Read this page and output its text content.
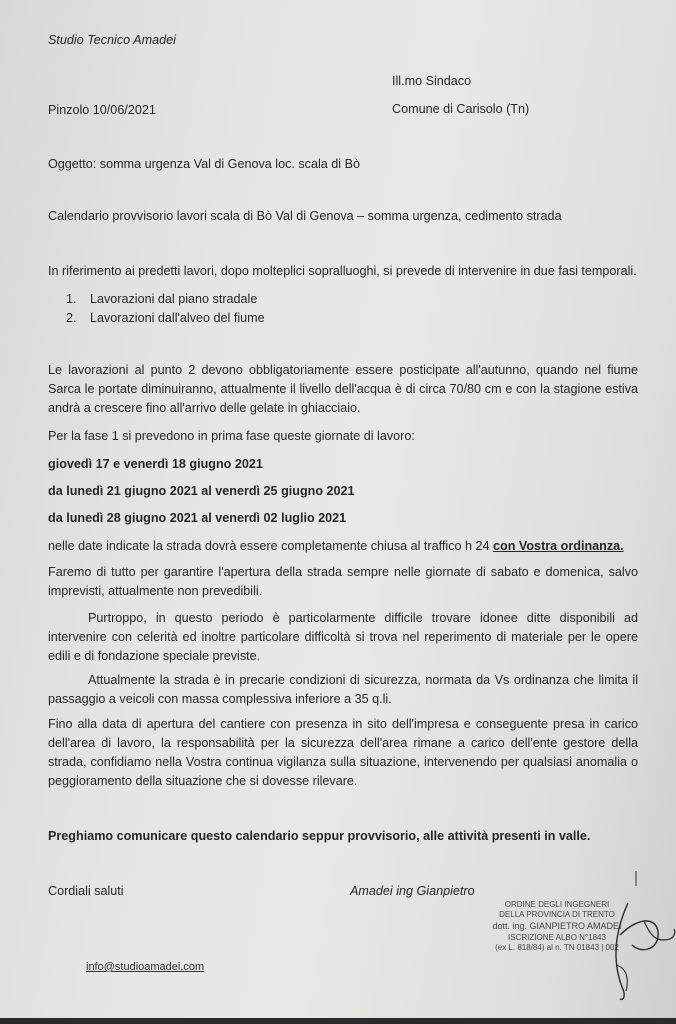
Studio Tecnico Amadei
Ill.mo Sindaco
Pinzolo 10/06/2021	Comune di Carisolo (Tn)
Oggetto: somma urgenza Val di Genova loc. scala di Bò
Calendario provvisorio lavori scala di Bò Val di Genova – somma urgenza, cedimento strada
In riferimento ai predetti lavori, dopo molteplici sopralluoghi, si prevede di intervenire in due fasi temporali.
1. Lavorazioni dal piano stradale
2. Lavorazioni dall'alveo del fiume
Le lavorazioni al punto 2 devono obbligatoriamente essere posticipate all'autunno, quando nel fiume Sarca le portate diminuiranno, attualmente il livello dell'acqua è di circa 70/80 cm e con la stagione estiva andrà a crescere fino all'arrivo delle gelate in ghiacciaio.
Per la fase 1 si prevedono in prima fase queste giornate di lavoro:
giovedì 17 e venerdì 18 giugno 2021
da lunedì 21 giugno 2021 al venerdì 25 giugno 2021
da lunedì 28 giugno 2021 al venerdì 02 luglio 2021
nelle date indicate la strada dovrà essere completamente chiusa al traffico h 24 con Vostra ordinanza.
Faremo di tutto per garantire l'apertura della strada sempre nelle giornate di sabato e domenica, salvo imprevisti, attualmente non prevedibili.
Purtroppo, in questo periodo è particolarmente difficile trovare idonee ditte disponibili ad intervenire con celerità ed inoltre particolare difficoltà si trova nel reperimento di materiale per le opere edili e di fondazione speciale previste.
Attualmente la strada è in precarie condizioni di sicurezza, normata da Vs ordinanza che limita il passaggio a veicoli con massa complessiva inferiore a 35 q.li.
Fino alla data di apertura del cantiere con presenza in sito dell'impresa e conseguente presa in carico dell'area di lavoro, la responsabilità per la sicurezza dell'area rimane a carico dell'ente gestore della strada, confidiamo nella Vostra continua vigilanza sulla situazione, intervenendo per qualsiasi anomalia o peggioramento della situazione che si dovesse rilevare.
Preghiamo comunicare questo calendario seppur provvisorio, alle attività presenti in valle.
Cordiali saluti	Amadei ing Gianpietro
ORDINE DEGLI INGEGNERI
DELLA PROVINCIA DI TRENTO
dott. ing. GIANPIETRO AMADEI
ISCRIZIONE ALBO N°1843
(ex L. 818/84) al n. TN 01843 | 002
info@studioamadei.com
